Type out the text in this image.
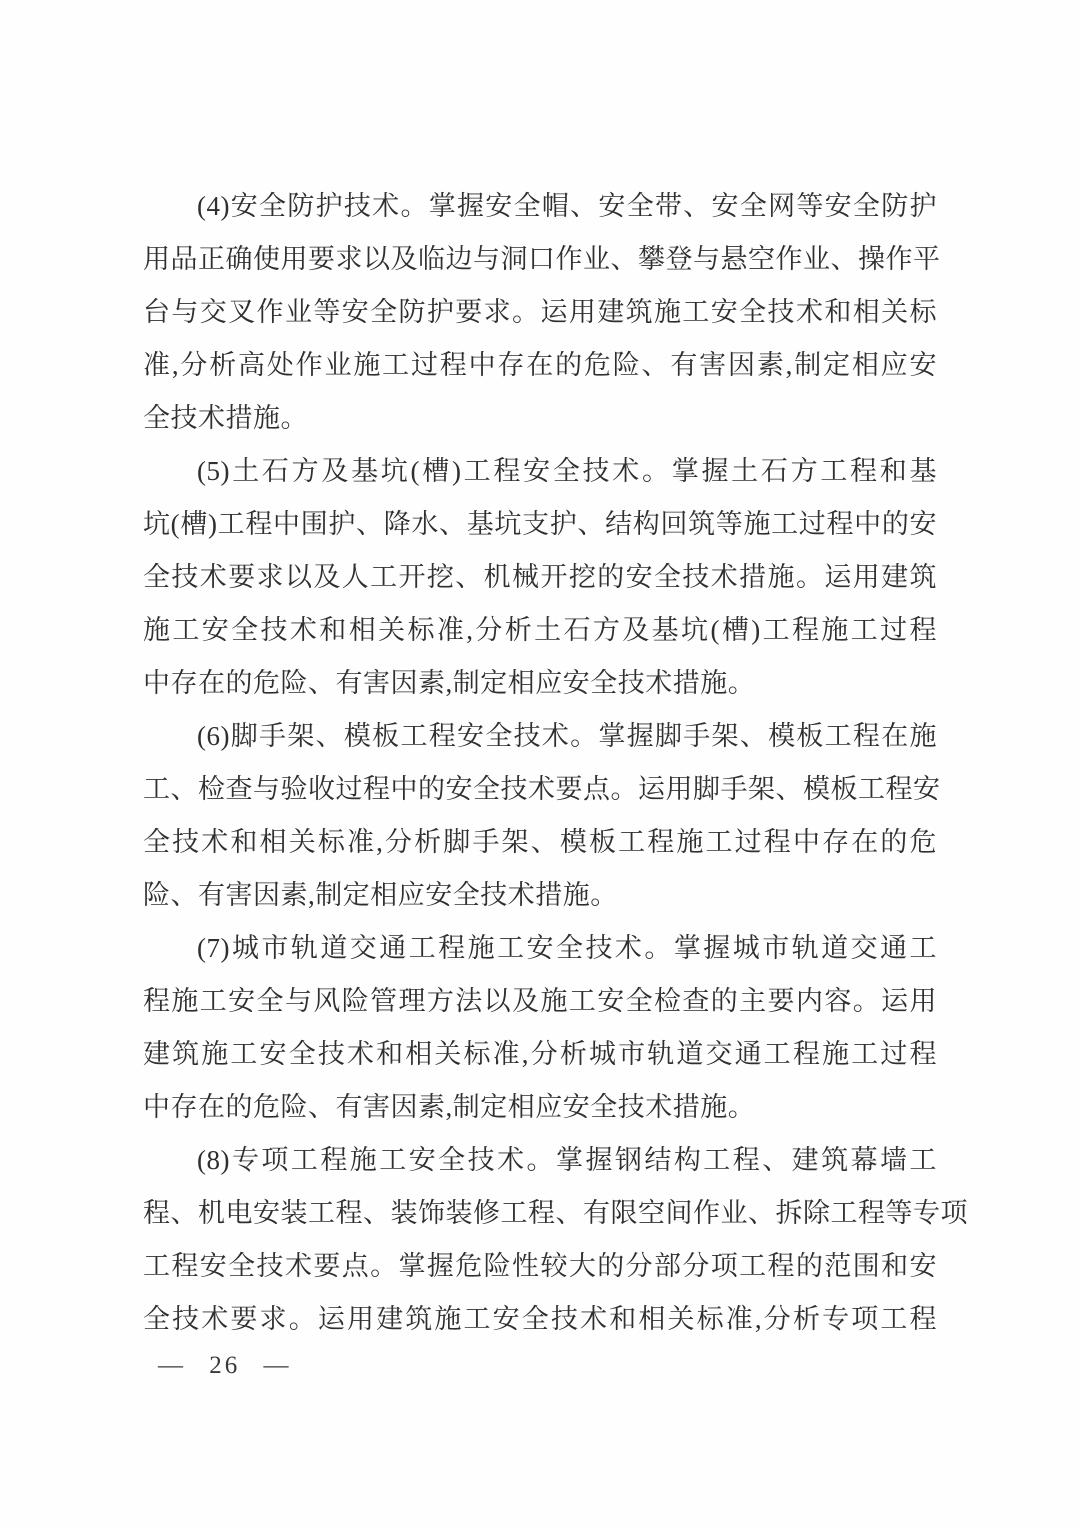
(4)安全防护技术。掌握安全帽、安全带、安全网等安全防护
用品正确使用要求以及临边与洞口作业、攀登与悬空作业、操作平
台与交叉作业等安全防护要求。运用建筑施工安全技术和相关标
准,分析高处作业施工过程中存在的危险、有害因素,制定相应安
全技术措施。
(5)土石方及基坑(槽)工程安全技术。掌握土石方工程和基
坑(槽)工程中围护、降水、基坑支护、结构回筑等施工过程中的安
全技术要求以及人工开挖、机械开挖的安全技术措施。运用建筑
施工安全技术和相关标准,分析土石方及基坑(槽)工程施工过程
中存在的危险、有害因素,制定相应安全技术措施。
(6)脚手架、模板工程安全技术。掌握脚手架、模板工程在施
工、检查与验收过程中的安全技术要点。运用脚手架、模板工程安
全技术和相关标准,分析脚手架、模板工程施工过程中存在的危
险、有害因素,制定相应安全技术措施。
(7)城市轨道交通工程施工安全技术。掌握城市轨道交通工
程施工安全与风险管理方法以及施工安全检查的主要内容。运用
建筑施工安全技术和相关标准,分析城市轨道交通工程施工过程
中存在的危险、有害因素,制定相应安全技术措施。
(8)专项工程施工安全技术。掌握钢结构工程、建筑幕墙工
程、机电安装工程、装饰装修工程、有限空间作业、拆除工程等专项
工程安全技术要点。掌握危险性较大的分部分项工程的范围和安
全技术要求。运用建筑施工安全技术和相关标准,分析专项工程
— 26 —
